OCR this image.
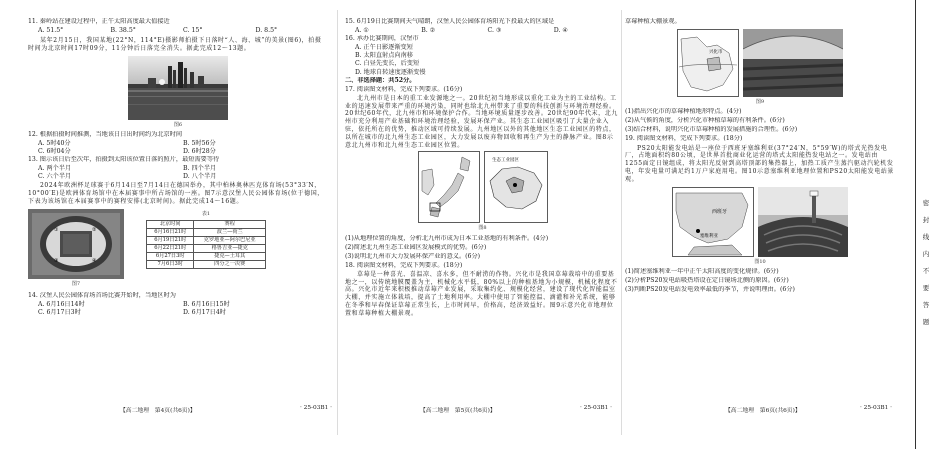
11. 秦岭站在建设过程中，正午太阳高度最大值接近
A. 51.5°	B. 38.5°	C. 15°	D. 8.5°
某年2月15日，我国某地(22°N，114°E)摄影师拍摄下日落时“人、海、城”的美景(图6)，拍摄时间为北京时间17时09分，11分钟后日落完全消失。据此完成12～13题。
图6
12. 根据拍摄时间推测，当地该日日出时间约为北京时间
A. 5时40分	B. 5时56分
C. 6时04分	D. 6时28分
13. 图示该日后至次年，拍摄到太阳该位置日落的照片，最短需要等待
A. 两个半月	B. 四个半月
C. 六个半月	D. 八个半月
2024年欧洲杯足球赛于6月14日至7月14日在德国举办，其中柏林奥林匹克体育场(53°33′N，10°00′E)是欧洲体育场馆中在本届赛事中所占场馆的一座。图7示意汉堡人民公园体育场(位于德国，下表为该场馆在本届赛事中的赛程安排(北京时间)。据此完成14～16题。
①	②
③	④
图7
表1
北京时间	赛程
6月16日21时	波兰—荷兰
6月19日21时	克罗地亚—阿尔巴尼亚
6月22日21时	格鲁吉亚—捷克
6月27日3时	捷克—土耳其
7月6日3时	四分之一决赛
14. 汉堡人民公园体育场首场比赛开始时，当地区时为
A. 6月16日14时	B. 6月16日15时
C. 6月17日3时	D. 6月17日4时
【高二地理　第4页(共6页)】	· 25-03B1 ·
15. 6月19日比赛期间天气晴朗，汉堡人民公园体育场阳光下投最大的区域是
A. ①	B. ②	C. ③	D. ④
16. 承办比赛期间，汉堡市
A. 正午日影逐渐变短
B. 太阳直射点向南移
C. 白昼先变长，后变短
D. 地球自转速度逐渐变慢
二、非选择题：共52分。
17. 阅读图文材料，完成下列要求。(16分)
北九州市是日本的重工业发源地之一。20世纪初当地形成以重化工业为主的工业结构。工业的迅速发展带来严重的环境污染，同时也给北九州带来了重要的科技创新与环境治理经验。20世纪60年代，北九州市和环境保护合作。当地环境质量逐步改善。20世纪90年代末，北九州市充分利用产业基础和环境治理经验，发展环保产业。其生态工业园区吸引了大量企业入驻，依托所在的优势，推动区域可持续发展。九州地区以外的其他地区生态工业园区的特点，以所在城市的北九州生态工业园区，大力发展以废弃物回收和再生产为主的静脉产业。图8示意北九州市和北九州生态工业园区位置。
生态工业园区
图8
(1)从地理位置的角度，分析北九州市成为日本工业基地的有利条件。(4分)
(2)简述北九州生态工业园区发展模式的优势。(6分)
(3)说明北九州市大力发展环保产业的意义。(6分)
18. 阅读图文材料，完成下列要求。(18分)
草莓是一种喜光、喜温凉、喜水多，但不耐涝的作物。兴化市是我国草莓栽培中的重要基地之一，以传统地膜覆盖为主，机械化水平低，80%以上的种植基地为小规模，机械化程度不高。兴化市近年来积极推动草莓产业发展，采取集约化、规模化经营，建设了现代化智能温室大棚，并实施立体栽培，提高了土地利用率。大棚中使用了智能控温、滴灌和补光系统，能够在冬季和早春保证草莓正常生长，上市时间早，价格高，经济效益好。图9示意兴化市地理位置和草莓种植大棚景观。
【高二地理　第5页(共6页)】	· 25-03B1 ·
草莓种植大棚景观。
兴化市
图9
(1)指出兴化市的草莓种植地形特点。(4分)
(2)从气候的角度，分析兴化市种植草莓的有利条件。(6分)
(3)结合材料，说明兴化市草莓种植的发展措施的合理性。(6分)
19. 阅读图文材料，完成下列要求。(18分)
PS20太阳能发电站是一座位于西班牙塞维利亚(37°24′N，5°59′W)的塔式光热发电厂，占地面积约80公顷，是世界首批商业化运营的塔式太阳能热发电站之一。发电站由1255面定日镜组成，将太阳光反射到高塔顶部的集热器上，加热工质产生蒸汽驱动汽轮机发电，年发电量可满足约1万户家庭用电。图10示意塞维利亚地理位置和PS20太阳能发电站景观。
西班牙
塞维利亚
图10
(1)简述塞维利亚一年中正午太阳高度的变化规律。(6分)
(2)分析PS20发电站吸热塔设在定日镜场北侧的原因。(6分)
(3)判断PS20发电站发电效率最低的季节，并说明理由。(6分)
【高二地理　第6页(共6页)】	· 25-03B1 ·
密　封　线　内　不　要　答　题
